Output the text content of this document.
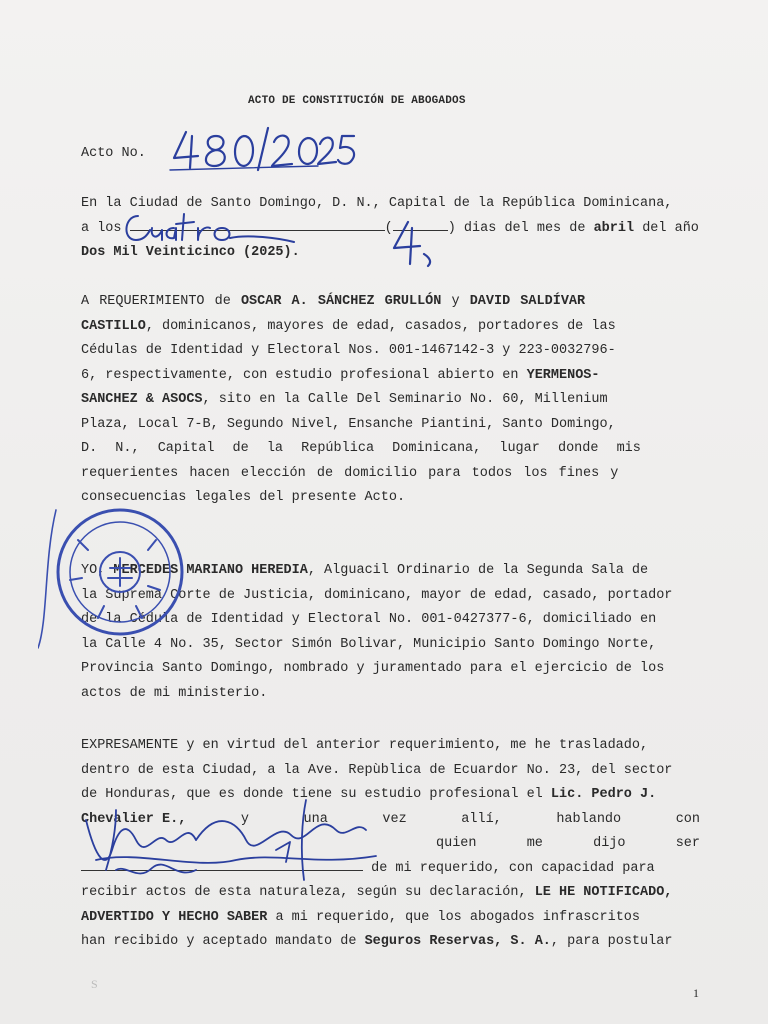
ACTO DE CONSTITUCIÓN DE ABOGADOS
Acto No.
En la Ciudad de Santo Domingo, D. N., Capital de la República Dominicana,
a los	(	) dias del mes de abril del año
Dos Mil Veinticinco (2025).
A REQUERIMIENTO de OSCAR A. SÁNCHEZ GRULLÓN y DAVID SALDÍVAR
CASTILLO, dominicanos, mayores de edad, casados, portadores de las
Cédulas de Identidad y Electoral Nos. 001-1467142-3 y 223-0032796-
6, respectivamente, con estudio profesional abierto en YERMENOS-
SANCHEZ & ASOCS, sito en la Calle Del Seminario No. 60, Millenium
Plaza, Local 7-B, Segundo Nivel, Ensanche Piantini, Santo Domingo,
D. N., Capital de la República Dominicana, lugar donde mis
requerientes hacen elección de domicilio para todos los fines y
consecuencias legales del presente Acto.
YO, MERCEDES MARIANO HEREDIA, Alguacil Ordinario de la Segunda Sala de
la Suprema Corte de Justicia, dominicano, mayor de edad, casado, portador
de la Cédula de Identidad y Electoral No. 001-0427377-6, domiciliado en
la Calle 4 No. 35, Sector Simón Bolivar, Municipio Santo Domingo Norte,
Provincia Santo Domingo, nombrado y juramentado para el ejercicio de los
actos de mi ministerio.
EXPRESAMENTE y en virtud del anterior requerimiento, me he trasladado,
dentro de esta Ciudad, a la Ave. Repùblica de Ecuardor No. 23, del sector
de Honduras, que es donde tiene su estudio profesional el Lic. Pedro J.
Chevalier E.,	y	una	vez	allí,	hablando	con
quien	me	dijo	ser
de mi requerido, con capacidad para
recibir actos de esta naturaleza, según su declaración, LE HE NOTIFICADO,
ADVERTIDO Y HECHO SABER a mi requerido, que los abogados infrascritos
han recibido y aceptado mandato de Seguros Reservas, S. A., para postular
S
1
